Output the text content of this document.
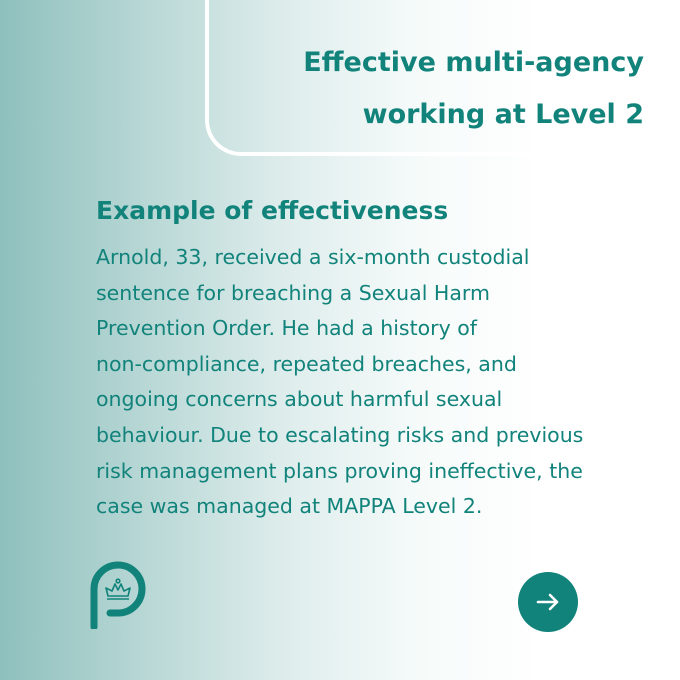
Effective multi-agency
working at Level 2
Example of effectiveness

Arnold, 33, received a six-month custodial
sentence for breaching a Sexual Harm
Prevention Order. He had a history of
non-compliance, repeated breaches, and
ongoing concerns about harmful sexual
behaviour. Due to escalating risks and previous
risk management plans proving ineffective, the
case was managed at MAPPA Level 2.
